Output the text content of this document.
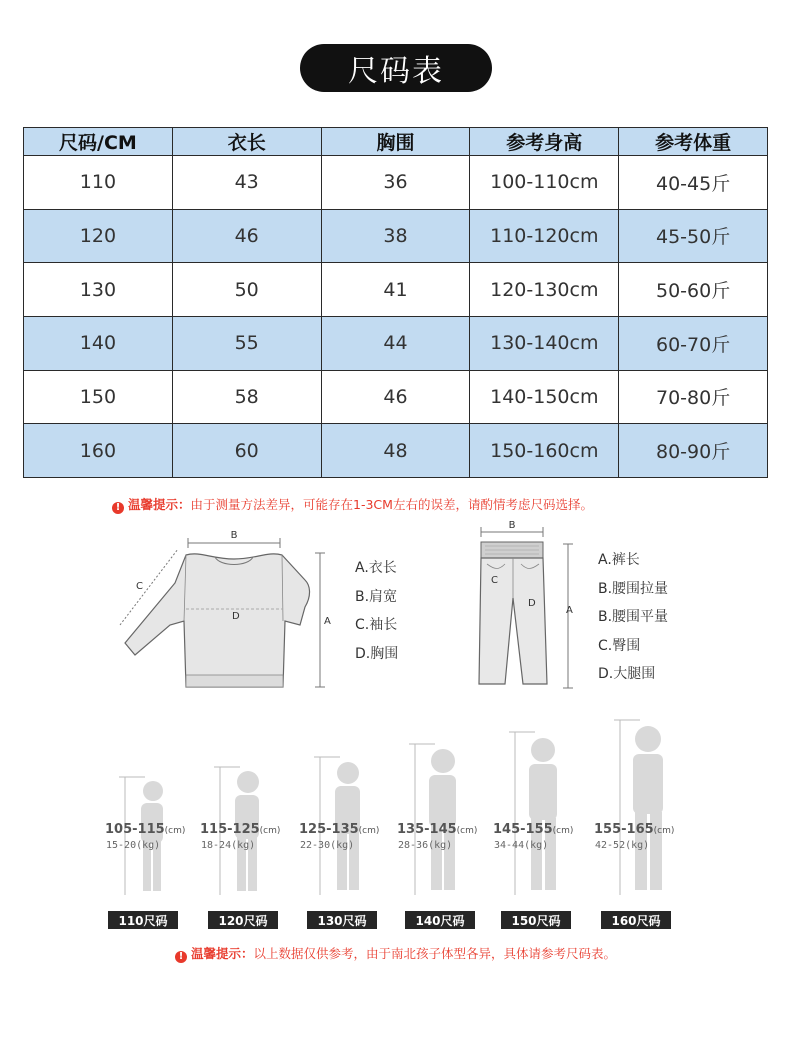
尺码表
尺码/CM	衣长	胸围	参考身高	参考体重
110	43	36	100-110cm	40-45斤
120	46	38	110-120cm	45-50斤
130	50	41	120-130cm	50-60斤
140	55	44	130-140cm	60-70斤
150	58	46	140-150cm	70-80斤
160	60	48	150-160cm	80-90斤
! 温馨提示：由于测量方法差异，可能存在1-3CM左右的误差，请酌情考虑尺码选择。
B
A
C
D
A.衣长
B.肩宽
C.袖长
D.胸围
B
A
C
D
A.裤长
B.腰围拉量
B.腰围平量
C.臀围
D.大腿围
105-115(cm)
15-20(kg)
115-125(cm)
18-24(kg)
125-135(cm)
22-30(kg)
135-145(cm)
28-36(kg)
145-155(cm)
34-44(kg)
155-165(cm)
42-52(kg)
110尺码	120尺码	130尺码	140尺码	150尺码	160尺码
! 温馨提示：以上数据仅供参考，由于南北孩子体型各异，具体请参考尺码表。
